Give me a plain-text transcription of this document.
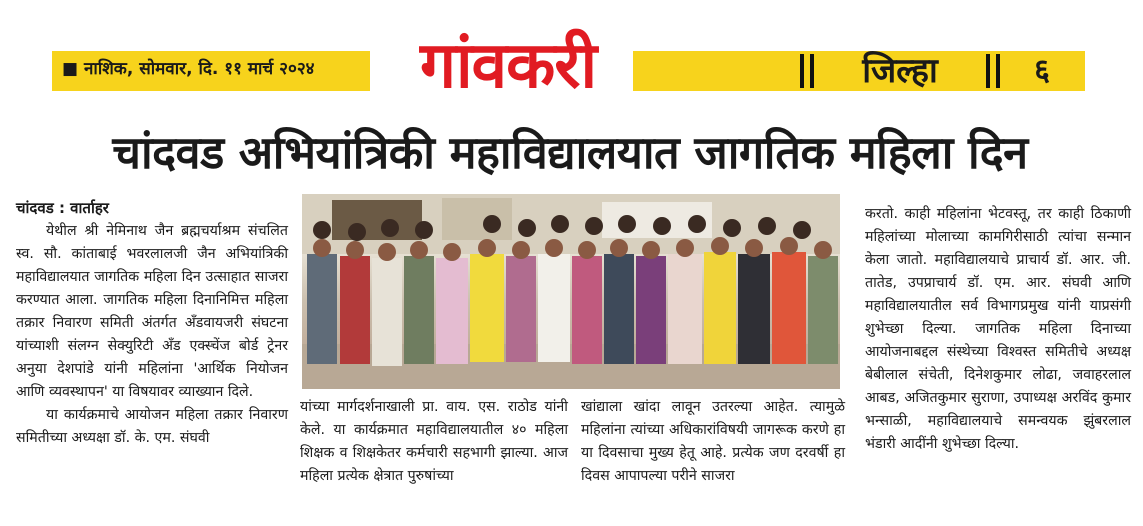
■ नाशिक, सोमवार, दि. ११ मार्च २०२४	गांवकरी	जिल्हा	६
चांदवड अभियांत्रिकी महाविद्यालयात जागतिक महिला दिन
चांदवड : वार्ताहर

येथील श्री नेमिनाथ जैन ब्रह्मचर्याश्रम संचलित स्व. सौ. कांताबाई भवरलालजी जैन अभियांत्रिकी महाविद्यालयात जागतिक महिला दिन उत्साहात साजरा करण्यात आला. जागतिक महिला दिनानिमित्त महिला तक्रार निवारण समिती अंतर्गत अँडवायजरी संघटना यांच्याशी संलग्न सेक्युरिटी अँड एक्स्चेंज बोर्ड ट्रेनर अनुया देशपांडे यांनी महिलांना 'आर्थिक नियोजन आणि व्यवस्थापन' या विषयावर व्याख्यान दिले.

या कार्यक्रमाचे आयोजन महिला तक्रार निवारण समितीच्या अध्यक्षा डॉ. के. एम. संघवी

यांच्या मार्गदर्शनाखाली प्रा. वाय. एस. राठोड यांनी केले. या कार्यक्रमात महाविद्यालयातील ४० महिला शिक्षक व शिक्षकेतर कर्मचारी सहभागी झाल्या. आज महिला प्रत्येक क्षेत्रात पुरुषांच्या
खांद्याला खांदा लावून उतरल्या आहेत. त्यामुळे महिलांना त्यांच्या अधिकारांविषयी जागरूक करणे हा या दिवसाचा मुख्य हेतू आहे. प्रत्येक जण दरवर्षी हा दिवस आपापल्या परीने साजरा
करतो. काही महिलांना भेटवस्तू, तर काही ठिकाणी महिलांच्या मोलाच्या कामगिरीसाठी त्यांचा सन्मान केला जातो. महाविद्यालयाचे प्राचार्य डॉ. आर. जी. तातेड, उपप्राचार्य डॉ. एम. आर. संघवी आणि महाविद्यालयातील सर्व विभागप्रमुख यांनी याप्रसंगी शुभेच्छा दिल्या. जागतिक महिला दिनाच्या आयोजनाबद्दल संस्थेच्या विश्वस्त समितीचे अध्यक्ष बेबीलाल संचेती, दिनेशकुमार लोढा, जवाहरलाल आबड, अजितकुमार सुराणा, उपाध्यक्ष अरविंद कुमार भन्साळी, महाविद्यालयाचे समन्वयक झुंबरलाल भंडारी आदींनी शुभेच्छा दिल्या.
